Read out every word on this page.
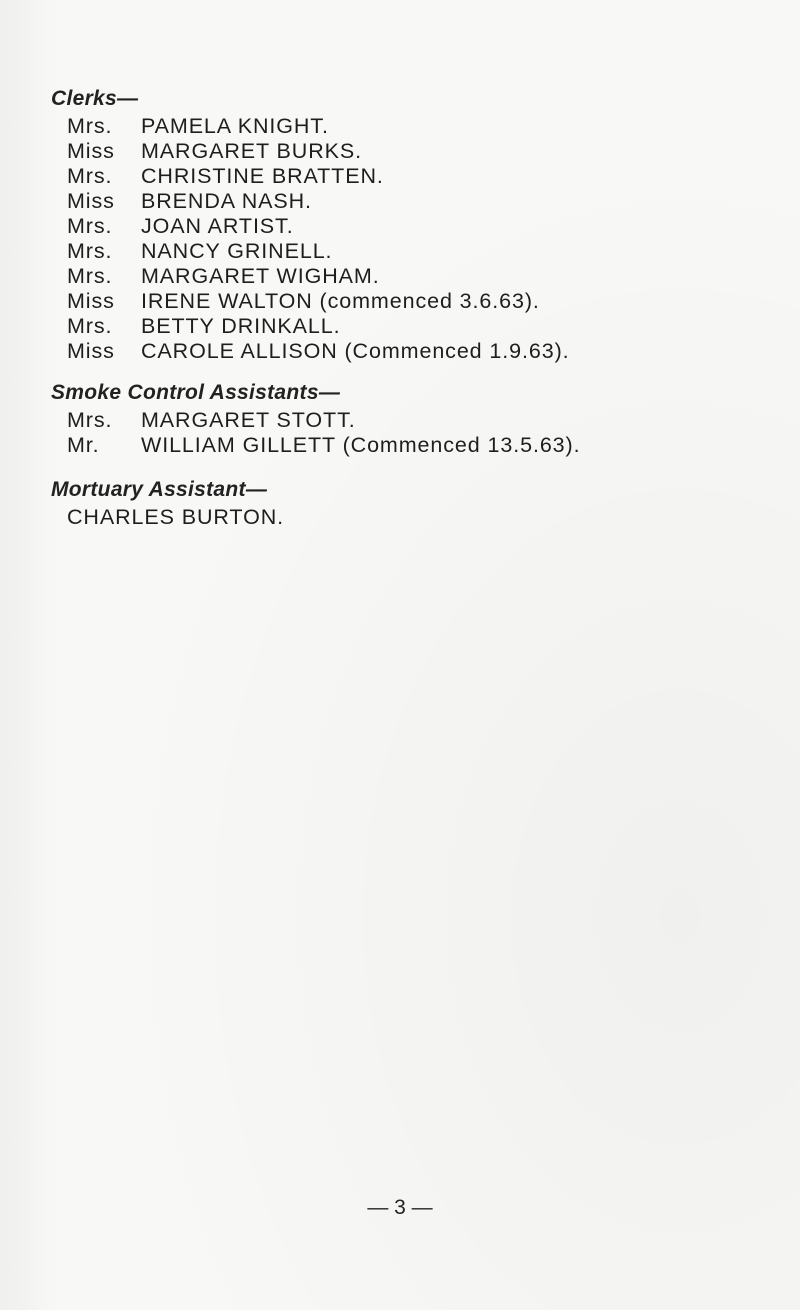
Clerks—
Mrs. PAMELA KNIGHT.
Miss MARGARET BURKS.
Mrs. CHRISTINE BRATTEN.
Miss BRENDA NASH.
Mrs. JOAN ARTIST.
Mrs. NANCY GRINELL.
Mrs. MARGARET WIGHAM.
Miss IRENE WALTON (commenced 3.6.63).
Mrs. BETTY DRINKALL.
Miss CAROLE ALLISON (Commenced 1.9.63).
Smoke Control Assistants—
Mrs. MARGARET STOTT.
Mr. WILLIAM GILLETT (Commenced 13.5.63).
Mortuary Assistant—
CHARLES BURTON.
— 3 —
